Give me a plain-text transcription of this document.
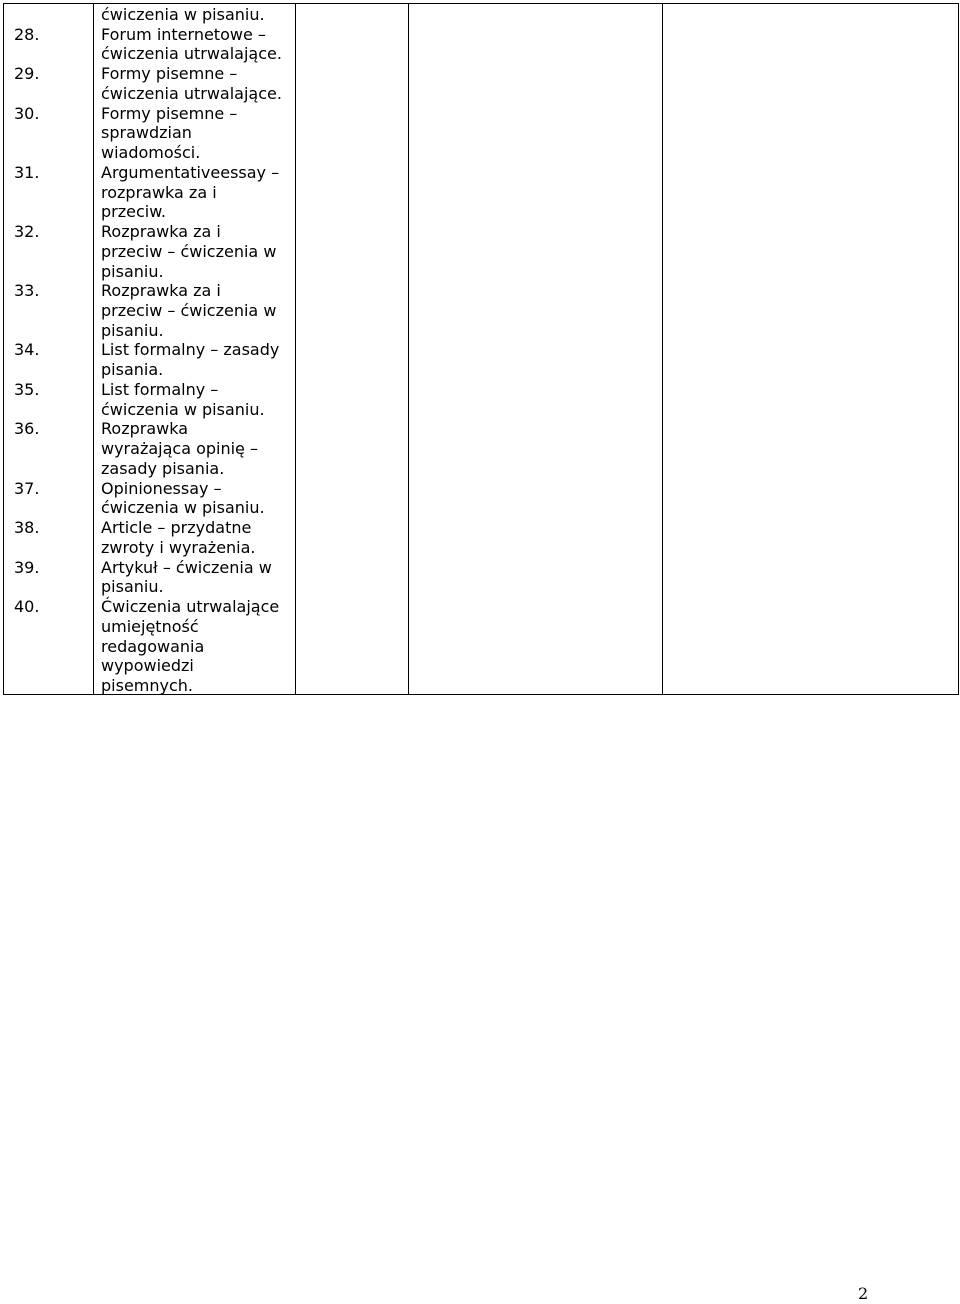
28.
29.
30.
31.
32.
33.
34.
35.
36.
37.
38.
39.
40.
ćwiczenia w pisaniu.
Forum internetowe –
ćwiczenia utrwalające.
Formy pisemne –
ćwiczenia utrwalające.
Formy pisemne –
sprawdzian
wiadomości.
Argumentativeessay –
rozprawka za i
przeciw.
Rozprawka za i
przeciw – ćwiczenia w
pisaniu.
Rozprawka za i
przeciw – ćwiczenia w
pisaniu.
List formalny – zasady
pisania.
List formalny –
ćwiczenia w pisaniu.
Rozprawka
wyrażająca opinię –
zasady pisania.
Opinionessay –
ćwiczenia w pisaniu.
Article – przydatne
zwroty i wyrażenia.
Artykuł – ćwiczenia w
pisaniu.
Ćwiczenia utrwalające
umiejętność
redagowania
wypowiedzi
pisemnych.
2
